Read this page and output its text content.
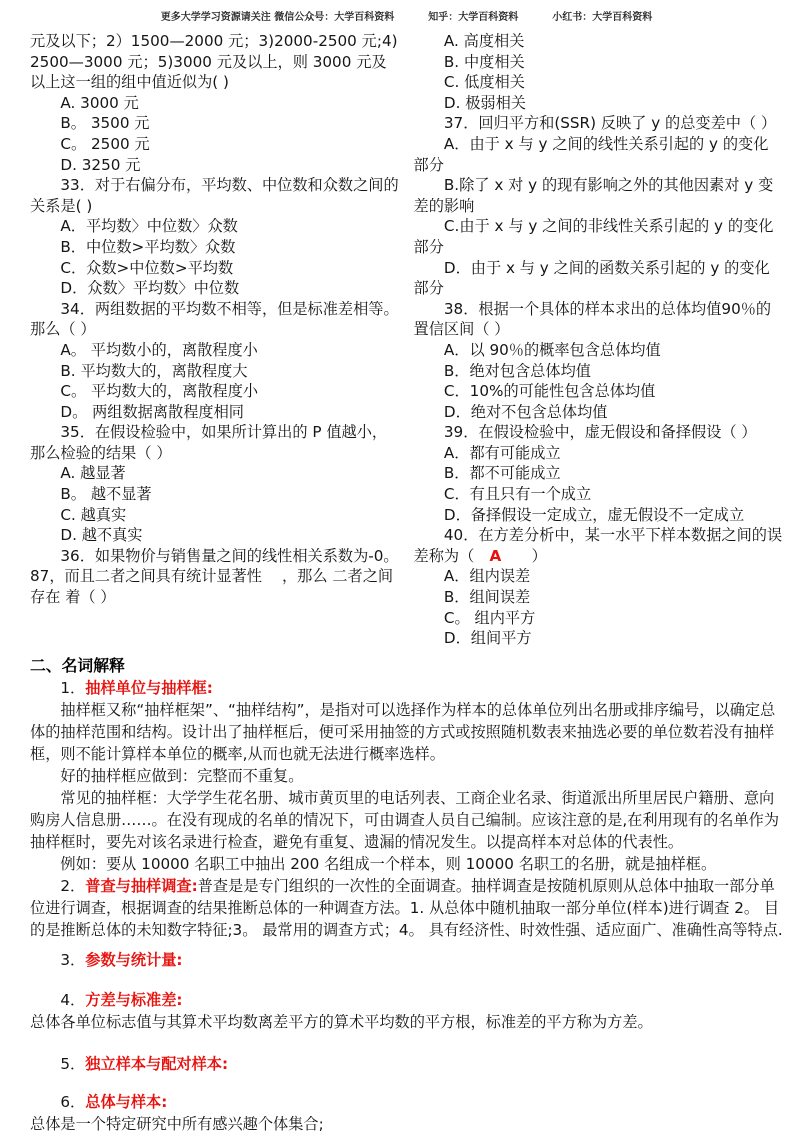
更多大学学习资源请关注 微信公众号：大学百科资料	知乎：大学百科资料	小红书：大学百科资料

元及以下；2）1500—2000 元；3)2000-2500 元;4) 2500—3000 元；5)3000 元及以上，则 3000 元及以上这一组的组中值近似为( )

A. 3000 元

B。 3500 元

C。 2500 元

D. 3250 元

33．对于右偏分布，平均数、中位数和众数之间的关系是( )

A．平均数〉中位数〉众数

B．中位数>平均数〉众数

C．众数>中位数>平均数

D．众数〉平均数〉中位数

34．两组数据的平均数不相等，但是标准差相等。那么（ ）

A。 平均数小的，离散程度小

B. 平均数大的，离散程度大

C。 平均数大的，离散程度小

D。 两组数据离散程度相同

35．在假设检验中，如果所计算出的 P 值越小，那么检验的结果（ ）

A. 越显著

B。 越不显著

C. 越真实

D. 越不真实

36．如果物价与销售量之间的线性相关系数为-0。87，而且二者之间具有统计显著性　 ，那么 二者之间存在 着（ ）

A. 高度相关

B. 中度相关

C. 低度相关

D. 极弱相关

37．回归平方和(SSR) 反映了 y 的总变差中（ ）

A．由于 x 与 y 之间的线性关系引起的 y 的变化部分

B.除了 x 对 y 的现有影响之外的其他因素对 y 变差的影响

C.由于 x 与 y 之间的非线性关系引起的 y 的变化部分

D．由于 x 与 y 之间的函数关系引起的 y 的变化部分

38．根据一个具体的样本求出的总体均值90％的置信区间（ ）

A．以 90％的概率包含总体均值

B．绝对包含总体均值

C．10%的可能性包含总体均值

D．绝对不包含总体均值

39．在假设检验中，虚无假设和备择假设（ ）

A．都有可能成立

B．都不可能成立

C．有且只有一个成立

D．备择假设一定成立，虚无假设不一定成立

40．在方差分析中，某一水平下样本数据之间的误差称为（　A　　）

A．组内误差

B．组间误差

C。 组内平方

D．组间平方

二、名词解释

1．抽样单位与抽样框:

抽样框又称“抽样框架”、“抽样结构”，是指对可以选择作为样本的总体单位列出名册或排序编号，以确定总体的抽样范围和结构。设计出了抽样框后，便可采用抽签的方式或按照随机数表来抽选必要的单位数若没有抽样框，则不能计算样本单位的概率,从而也就无法进行概率选样。

好的抽样框应做到：完整而不重复。

常见的抽样框：大学学生花名册、城市黄页里的电话列表、工商企业名录、街道派出所里居民户籍册、意向购房人信息册……。在没有现成的名单的情况下，可由调查人员自己编制。应该注意的是,在利用现有的名单作为抽样框时，要先对该名录进行检查，避免有重复、遗漏的情况发生。以提高样本对总体的代表性。

例如：要从 10000 名职工中抽出 200 名组成一个样本，则 10000 名职工的名册，就是抽样框。

2．普查与抽样调查:普查是是专门组织的一次性的全面调查。抽样调查是按随机原则从总体中抽取一部分单位进行调查，根据调查的结果推断总体的一种调查方法。1. 从总体中随机抽取一部分单位(样本)进行调查 2。 目的是推断总体的未知数字特征;3。 最常用的调查方式；4。 具有经济性、时效性强、适应面广、准确性高等特点.

3．参数与统计量:

4．方差与标准差:

总体各单位标志值与其算术平均数离差平方的算术平均数的平方根，标准差的平方称为方差。

5．独立样本与配对样本:

6．总体与样本:

总体是一个特定研究中所有感兴趣个体集合;
